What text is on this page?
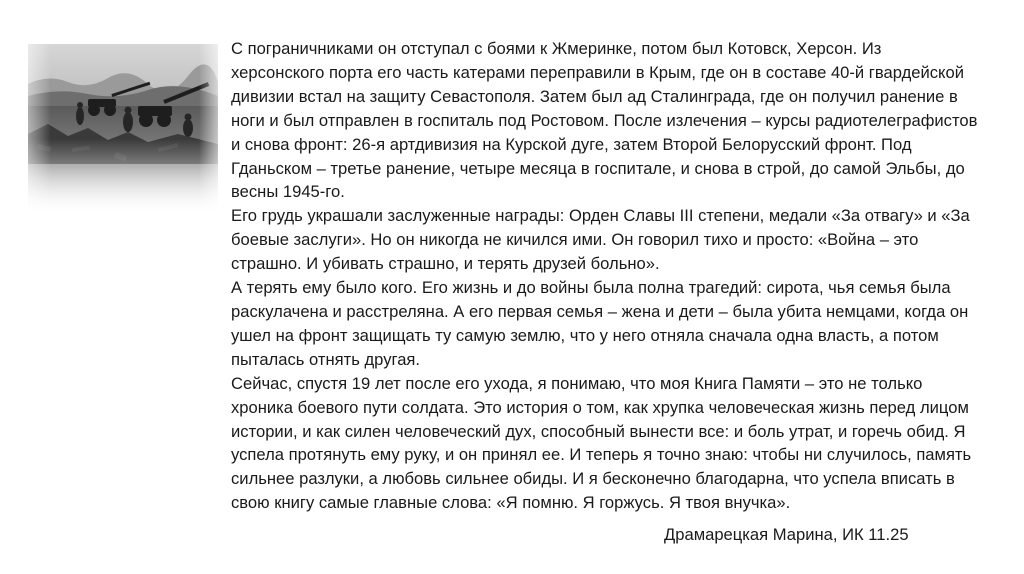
С пограничниками он отступал с боями к Жмеринке, потом был Котовск, Херсон. Из
херсонского порта его часть катерами переправили в Крым, где он в составе 40-й гвардейской
дивизии встал на защиту Севастополя. Затем был ад Сталинграда, где он получил ранение в
ноги и был отправлен в госпиталь под Ростовом. После излечения – курсы радиотелеграфистов
и снова фронт: 26-я артдивизия на Курской дуге, затем Второй Белорусский фронт. Под
Гданьском – третье ранение, четыре месяца в госпитале, и снова в строй, до самой Эльбы, до
весны 1945-го.

Его грудь украшали заслуженные награды: Орден Славы III степени, медали «За отвагу» и «За
боевые заслуги». Но он никогда не кичился ими. Он говорил тихо и просто: «Война – это
страшно. И убивать страшно, и терять друзей больно».

А терять ему было кого. Его жизнь и до войны была полна трагедий: сирота, чья семья была
раскулачена и расстреляна. А его первая семья – жена и дети – была убита немцами, когда он
ушел на фронт защищать ту самую землю, что у него отняла сначала одна власть, а потом
пыталась отнять другая.

Сейчас, спустя 19 лет после его ухода, я понимаю, что моя Книга Памяти – это не только
хроника боевого пути солдата. Это история о том, как хрупка человеческая жизнь перед лицом
истории, и как силен человеческий дух, способный вынести все: и боль утрат, и горечь обид. Я
успела протянуть ему руку, и он принял ее. И теперь я точно знаю: чтобы ни случилось, память
сильнее разлуки, а любовь сильнее обиды. И я бесконечно благодарна, что успела вписать в
свою книгу самые главные слова: «Я помню. Я горжусь. Я твоя внучка».

Драмарецкая Марина, ИК 11.25
